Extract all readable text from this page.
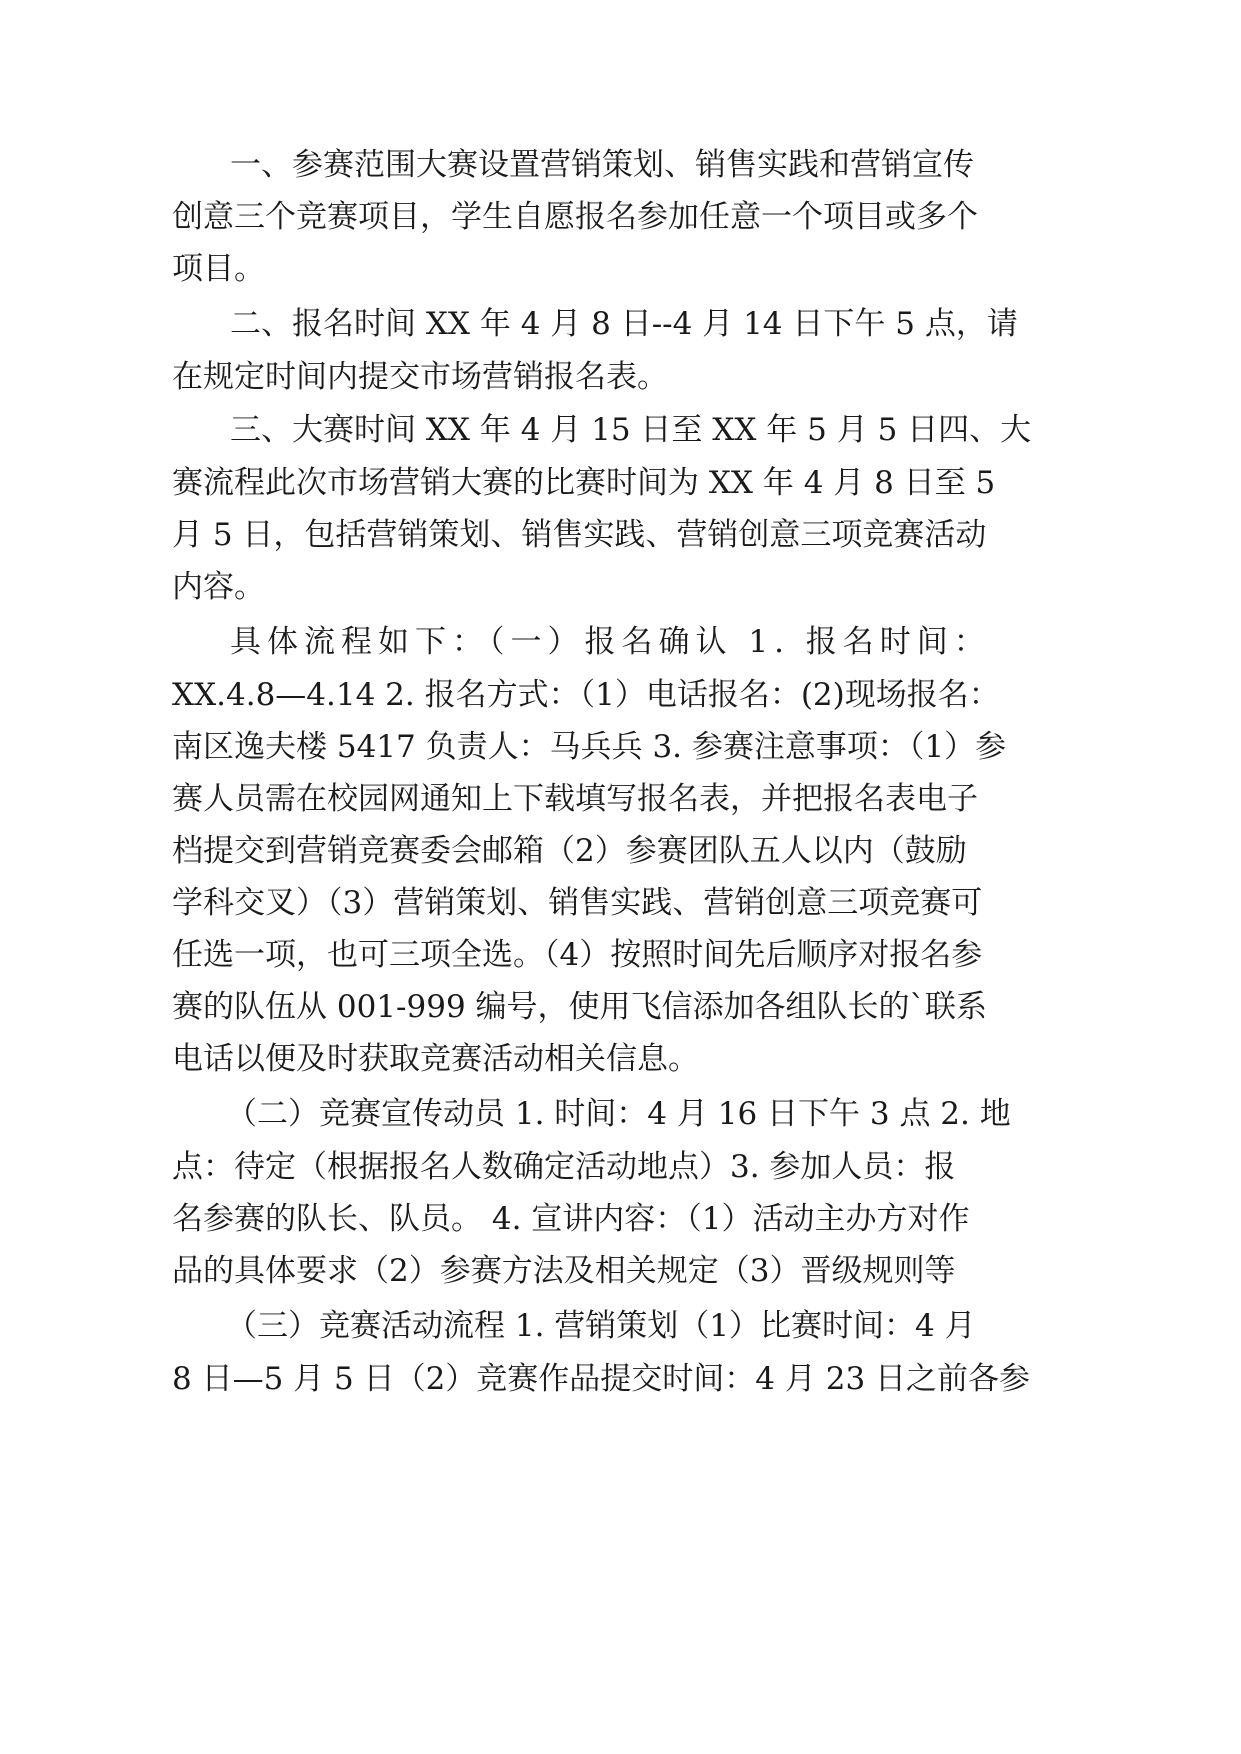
一、参赛范围大赛设置营销策划、销售实践和营销宣传
创意三个竞赛项目，学生自愿报名参加任意一个项目或多个
项目。
二、报名时间 XX 年 4 月 8 日--4 月 14 日下午 5 点，请
在规定时间内提交市场营销报名表。
三、大赛时间 XX 年 4 月 15 日至 XX 年 5 月 5 日四、大
赛流程此次市场营销大赛的比赛时间为 XX 年 4 月 8 日至 5
月 5 日，包括营销策划、销售实践、营销创意三项竞赛活动
内容。
具体流程如下：（一）报名确认 1. 报名时间：
XX.4.8—4.14 2. 报名方式：（1）电话报名：(2)现场报名：
南区逸夫楼 5417 负责人：马兵兵 3. 参赛注意事项：（1）参
赛人员需在校园网通知上下载填写报名表，并把报名表电子
档提交到营销竞赛委会邮箱（2）参赛团队五人以内（鼓励
学科交叉）（3）营销策划、销售实践、营销创意三项竞赛可
任选一项，也可三项全选。（4）按照时间先后顺序对报名参
赛的队伍从 001-999 编号，使用飞信添加各组队长的`联系
电话以便及时获取竞赛活动相关信息。
（二）竞赛宣传动员 1. 时间：4 月 16 日下午 3 点 2. 地
点：待定（根据报名人数确定活动地点）3. 参加人员：报
名参赛的队长、队员。 4. 宣讲内容：（1）活动主办方对作
品的具体要求（2）参赛方法及相关规定（3）晋级规则等
（三）竞赛活动流程 1. 营销策划（1）比赛时间：4 月
8 日—5 月 5 日（2）竞赛作品提交时间：4 月 23 日之前各参
